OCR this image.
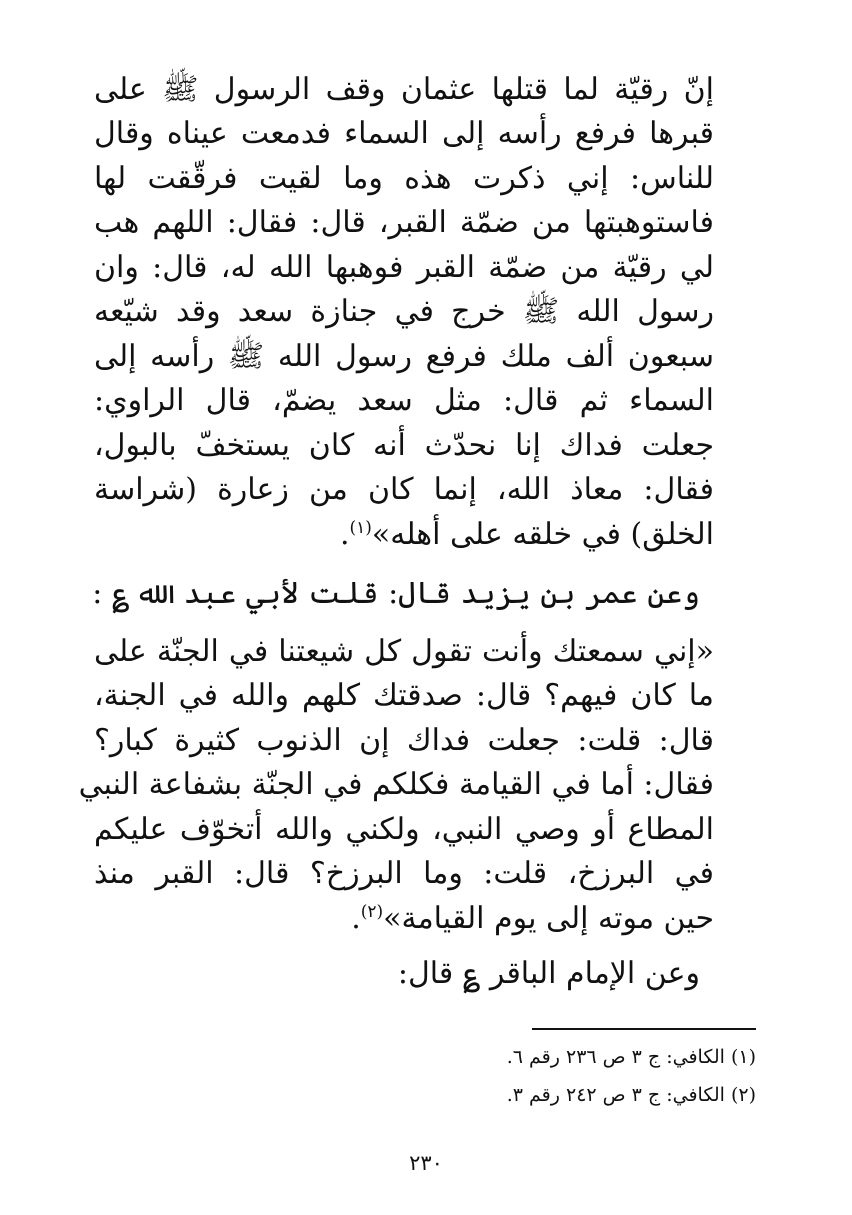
إنّ رقيّة لما قتلها عثمان وقف الرسول ﷺ على
قبرها فرفع رأسه إلى السماء فدمعت عيناه وقال
للناس: إني ذكرت هذه وما لقيت فرقّقت لها
فاستوهبتها من ضمّة القبر، قال: فقال: اللهم هب
لي رقيّة من ضمّة القبر فوهبها الله له، قال: وان
رسول الله ﷺ خرج في جنازة سعد وقد شيّعه
سبعون ألف ملك فرفع رسول الله ﷺ رأسه إلى
السماء ثم قال: مثل سعد يضمّ، قال الراوي:
جعلت فداك إنا نحدّث أنه كان يستخفّ بالبول،
فقال: معاذ الله، إنما كان من زعارة (شراسة
الخلق) في خلقه على أهله»$^{(١)}$.
وعن عمر بن يزيد قال: قلت لأبي عبد الله ؏ :
«إني سمعتك وأنت تقول كل شيعتنا في الجنّة على
ما كان فيهم؟ قال: صدقتك كلهم والله في الجنة،
قال: قلت: جعلت فداك إن الذنوب كثيرة كبار؟
فقال: أما في القيامة فكلكم في الجنّة بشفاعة النبي
المطاع أو وصي النبي، ولكني والله أتخوّف عليكم
في البرزخ، قلت: وما البرزخ؟ قال: القبر منذ
حين موته إلى يوم القيامة»$^{(٢)}$.
وعن الإمام الباقر ؏ قال:
(١) الكافي: ج ٣ ص ٢٣٦ رقم ٦.
(٢) الكافي: ج ٣ ص ٢٤٢ رقم ٣.
٢٣٠
